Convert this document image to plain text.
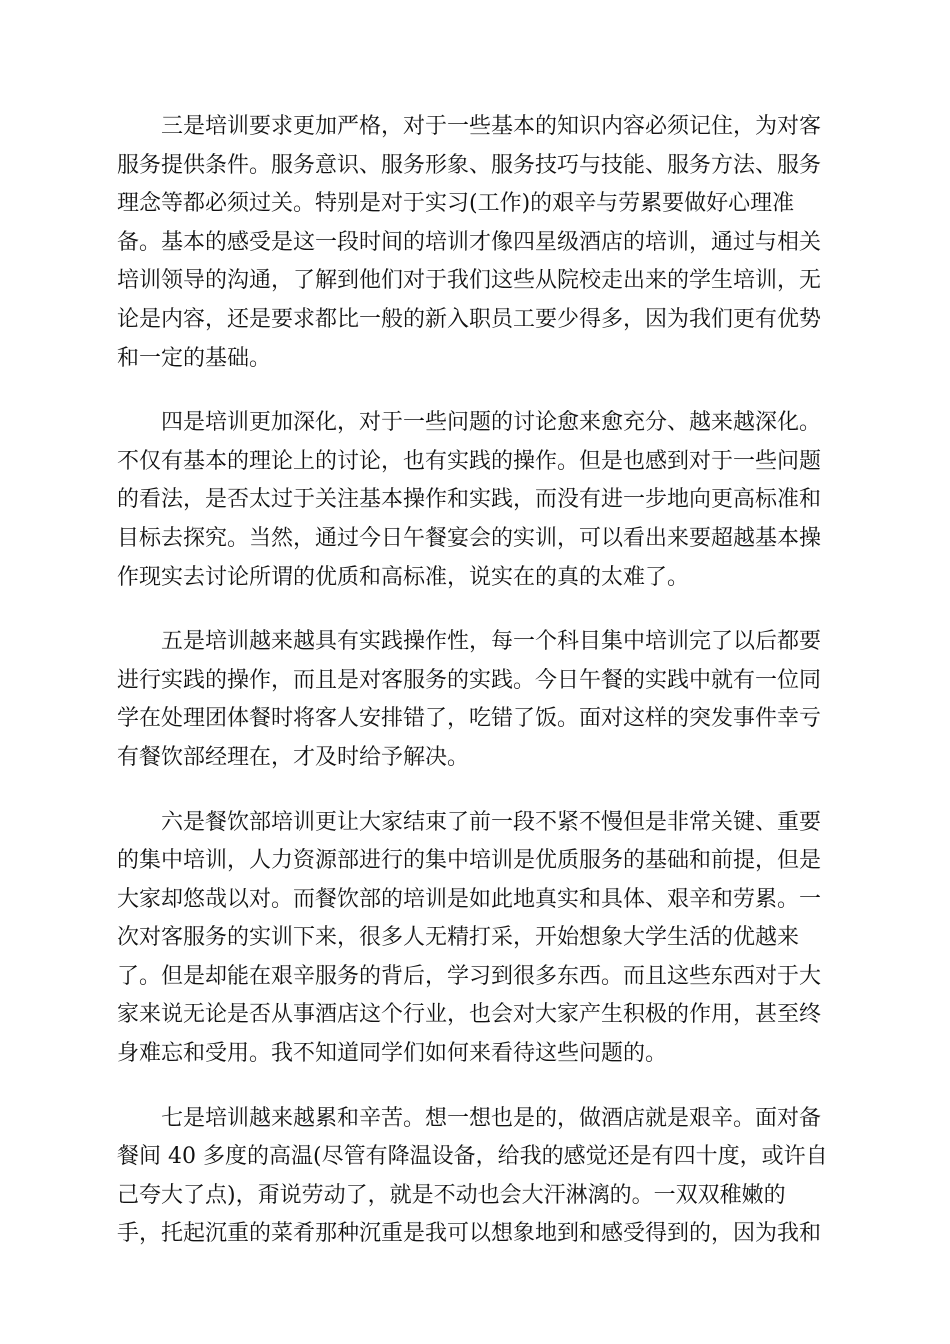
三是培训要求更加严格，对于一些基本的知识内容必须记住，为对客
服务提供条件。服务意识、服务形象、服务技巧与技能、服务方法、服务
理念等都必须过关。特别是对于实习(工作)的艰辛与劳累要做好心理准
备。基本的感受是这一段时间的培训才像四星级酒店的培训，通过与相关
培训领导的沟通，了解到他们对于我们这些从院校走出来的学生培训，无
论是内容，还是要求都比一般的新入职员工要少得多，因为我们更有优势
和一定的基础。

四是培训更加深化，对于一些问题的讨论愈来愈充分、越来越深化。
不仅有基本的理论上的讨论，也有实践的操作。但是也感到对于一些问题
的看法，是否太过于关注基本操作和实践，而没有进一步地向更高标准和
目标去探究。当然，通过今日午餐宴会的实训，可以看出来要超越基本操
作现实去讨论所谓的优质和高标准，说实在的真的太难了。

五是培训越来越具有实践操作性，每一个科目集中培训完了以后都要
进行实践的操作，而且是对客服务的实践。今日午餐的实践中就有一位同
学在处理团体餐时将客人安排错了，吃错了饭。面对这样的突发事件幸亏
有餐饮部经理在，才及时给予解决。

六是餐饮部培训更让大家结束了前一段不紧不慢但是非常关键、重要
的集中培训，人力资源部进行的集中培训是优质服务的基础和前提，但是
大家却悠哉以对。而餐饮部的培训是如此地真实和具体、艰辛和劳累。一
次对客服务的实训下来，很多人无精打采，开始想象大学生活的优越来
了。但是却能在艰辛服务的背后，学习到很多东西。而且这些东西对于大
家来说无论是否从事酒店这个行业，也会对大家产生积极的作用，甚至终
身难忘和受用。我不知道同学们如何来看待这些问题的。

七是培训越来越累和辛苦。想一想也是的，做酒店就是艰辛。面对备
餐间 40 多度的高温(尽管有降温设备，给我的感觉还是有四十度，或许自
己夸大了点)，甭说劳动了，就是不动也会大汗淋漓的。一双双稚嫩的
手，托起沉重的菜肴那种沉重是我可以想象地到和感受得到的，因为我和
